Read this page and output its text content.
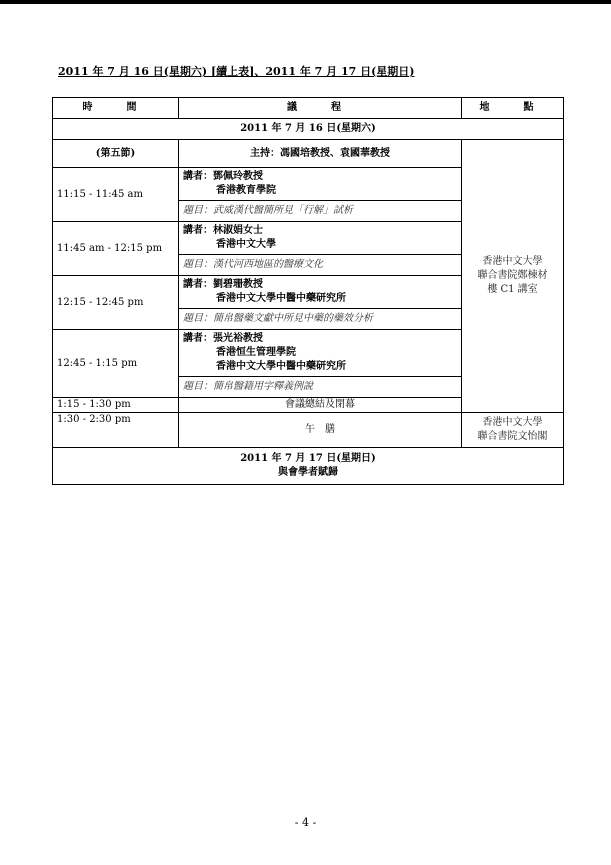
2011 年 7 月 16 日(星期六) [續上表]、2011 年 7 月 17 日(星期日)
時　間	議　程	地　點
2011 年 7 月 16 日(星期六)		
(第五節)	主持：馮國培教授、袁國華教授	香港中文大學
聯合書院鄭棟材
樓 C1 講室

11:15 - 11:45 am	講者：鄧佩玲教授
香港教育學院	

	題目：武威漢代醫簡所見「行解」試析	
11:45 am - 12:15 pm	講者：林淑娟女士
香港中文大學	

	題目：漢代河西地區的醫療文化	
12:15 - 12:45 pm	講者：劉碧珊教授
香港中文大學中醫中藥研究所	

	題目：簡帛醫藥文獻中所見中藥的藥效分析	
12:45 - 1:15 pm	講者：張光裕教授
香港恒生管理學院
香港中文大學中醫中藥研究所	

	題目：簡帛醫籍用字釋義例說	
1:15 - 1:30 pm	會議總結及閉幕	
1:30 - 2:30 pm	午　膳	香港中文大學
聯合書院文怡閣

2011 年 7 月 17 日(星期日)
與會學者賦歸		
- 4 -
